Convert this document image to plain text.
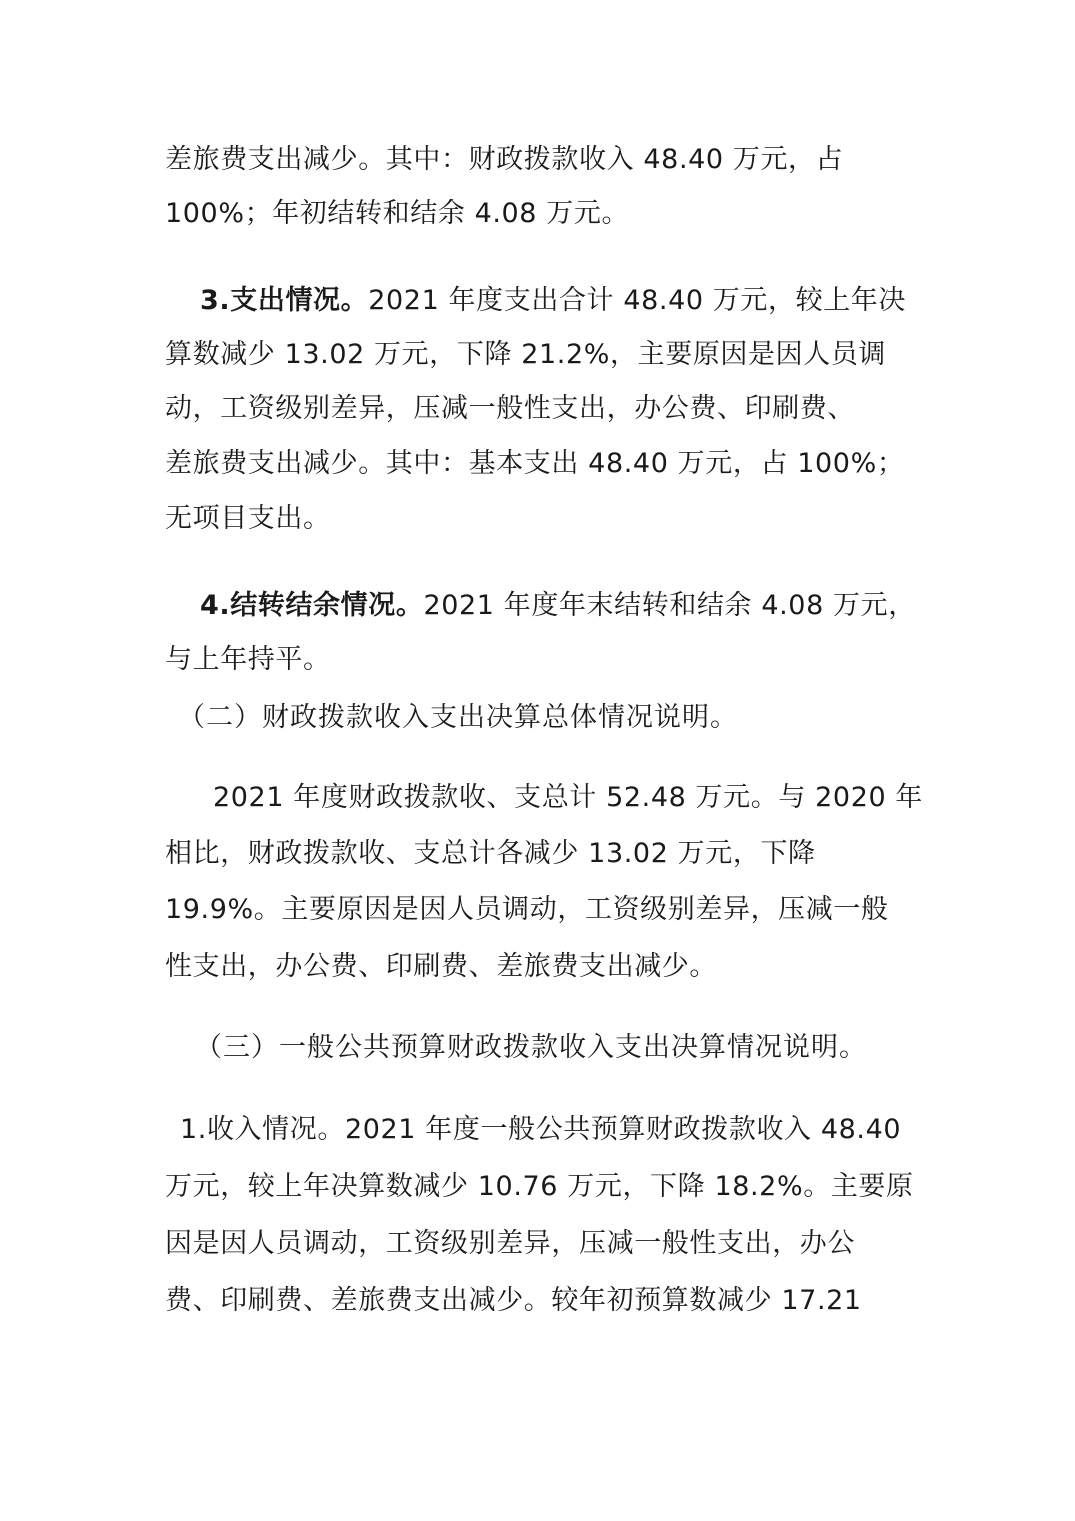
差旅费支出减少。其中：财政拨款收入 48.40 万元，占
100%；年初结转和结余 4.08 万元。
3.支出情况。2021 年度支出合计 48.40 万元，较上年决
算数减少 13.02 万元，下降 21.2%，主要原因是因人员调
动，工资级别差异，压减一般性支出，办公费、印刷费、
差旅费支出减少。其中：基本支出 48.40 万元，占 100%；
无项目支出。
4.结转结余情况。2021 年度年末结转和结余 4.08 万元，
与上年持平。
（二）财政拨款收入支出决算总体情况说明。
2021 年度财政拨款收、支总计 52.48 万元。与 2020 年
相比，财政拨款收、支总计各减少 13.02 万元，下降
19.9%。主要原因是因人员调动，工资级别差异，压减一般
性支出，办公费、印刷费、差旅费支出减少。
（三）一般公共预算财政拨款收入支出决算情况说明。
1.收入情况。2021 年度一般公共预算财政拨款收入 48.40
万元，较上年决算数减少 10.76 万元，下降 18.2%。主要原
因是因人员调动，工资级别差异，压减一般性支出，办公
费、印刷费、差旅费支出减少。较年初预算数减少 17.21
